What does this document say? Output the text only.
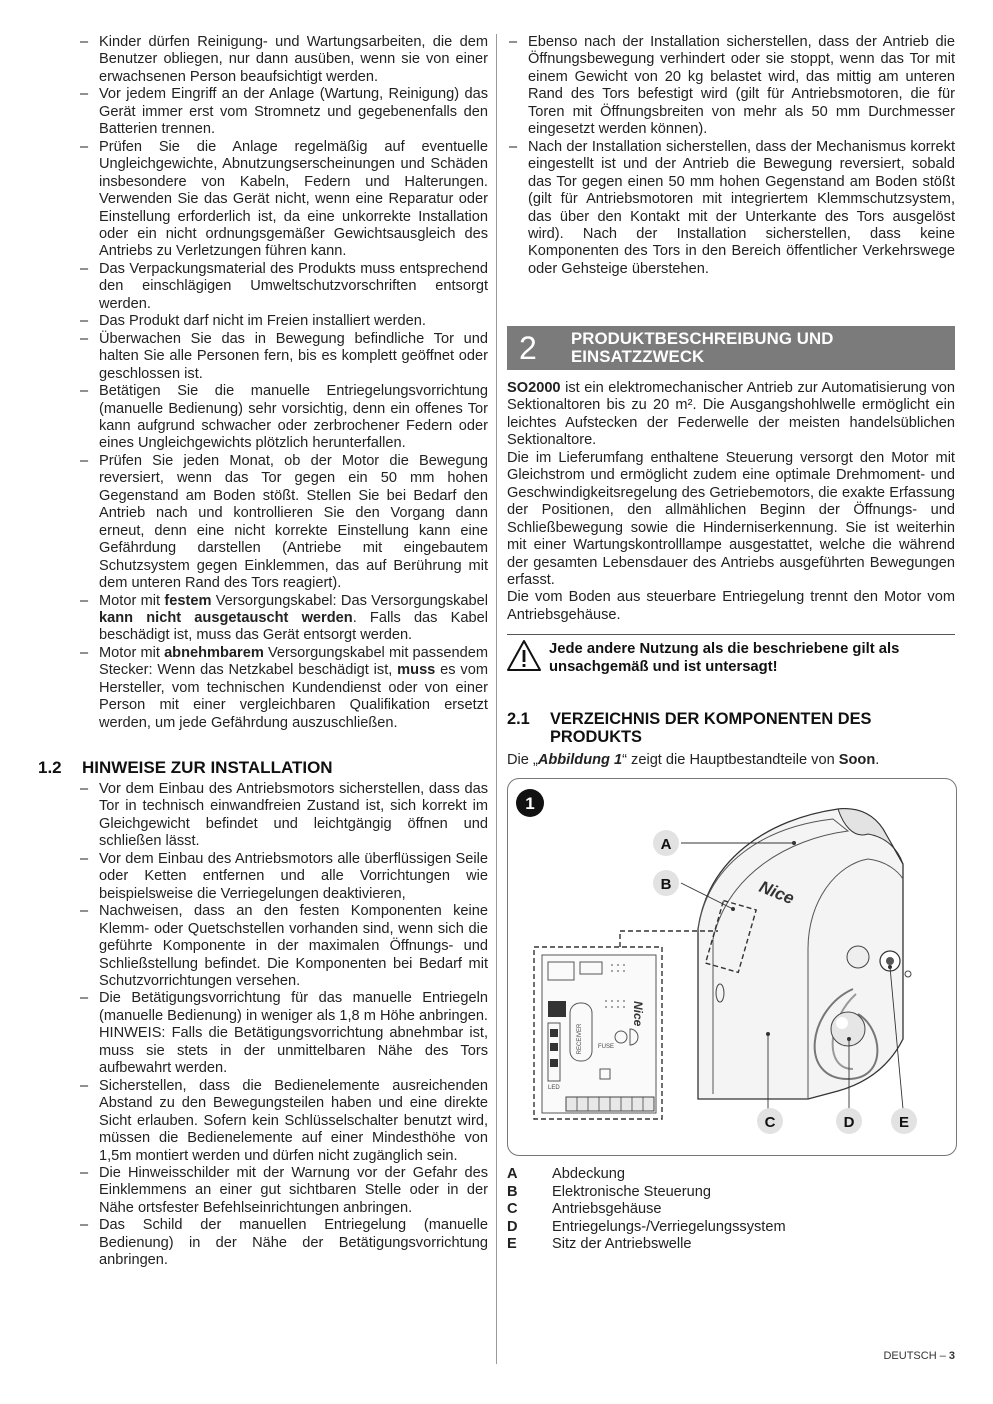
– Kinder dürfen Reinigung- und Wartungsarbeiten, die dem Benutzer obliegen, nur dann ausüben, wenn sie von einer erwachsenen Person beaufsichtigt werden.
– Vor jedem Eingriff an der Anlage (Wartung, Reinigung) das Gerät immer erst vom Stromnetz und gegebenenfalls den Batterien trennen.
– Prüfen Sie die Anlage regelmäßig auf eventuelle Ungleichgewichte, Abnutzungserscheinungen und Schäden insbesondere von Kabeln, Federn und Halterungen. Verwenden Sie das Gerät nicht, wenn eine Reparatur oder Einstellung erforderlich ist, da eine unkorrekte Installation oder ein nicht ordnungsgemäßer Gewichtsausgleich des Antriebs zu Verletzungen führen kann.
– Das Verpackungsmaterial des Produkts muss entsprechend den einschlägigen Umweltschutzvorschriften entsorgt werden.
– Das Produkt darf nicht im Freien installiert werden.
– Überwachen Sie das in Bewegung befindliche Tor und halten Sie alle Personen fern, bis es komplett geöffnet oder geschlossen ist.
– Betätigen Sie die manuelle Entriegelungsvorrichtung (manuelle Bedienung) sehr vorsichtig, denn ein offenes Tor kann aufgrund schwacher oder zerbrochener Federn oder eines Ungleichgewichts plötzlich herunterfallen.
– Prüfen Sie jeden Monat, ob der Motor die Bewegung reversiert, wenn das Tor gegen ein 50 mm hohen Gegenstand am Boden stößt. Stellen Sie bei Bedarf den Antrieb nach und kontrollieren Sie den Vorgang dann erneut, denn eine nicht korrekte Einstellung kann eine Gefährdung darstellen (Antriebe mit eingebautem Schutzsystem gegen Einklemmen, das auf Berührung mit dem unteren Rand des Tors reagiert).
– Motor mit festem Versorgungskabel: Das Versorgungskabel kann nicht ausgetauscht werden. Falls das Kabel beschädigt ist, muss das Gerät entsorgt werden.
– Motor mit abnehmbarem Versorgungskabel mit passendem Stecker: Wenn das Netzkabel beschädigt ist, muss es vom Hersteller, vom technischen Kundendienst oder von einer Person mit einer vergleichbaren Qualifikation ersetzt werden, um jede Gefährdung auszuschließen.
1.2 HINWEISE ZUR INSTALLATION
– Vor dem Einbau des Antriebsmotors sicherstellen, dass das Tor in technisch einwandfreien Zustand ist, sich korrekt im Gleichgewicht befindet und leichtgängig öffnen und schließen lässt.
– Vor dem Einbau des Antriebsmotors alle überflüssigen Seile oder Ketten entfernen und alle Vorrichtungen wie beispielsweise die Verriegelungen deaktivieren,
– Nachweisen, dass an den festen Komponenten keine Klemm- oder Quetschstellen vorhanden sind, wenn sich die geführte Komponente in der maximalen Öffnungs- und Schließstellung befindet. Die Komponenten bei Bedarf mit Schutzvorrichtungen versehen.
– Die Betätigungsvorrichtung für das manuelle Entriegeln (manuelle Bedienung) in weniger als 1,8 m Höhe anbringen. HINWEIS: Falls die Betätigungsvorrichtung abnehmbar ist, muss sie stets in der unmittelbaren Nähe des Tors aufbewahrt werden.
– Sicherstellen, dass die Bedienelemente ausreichenden Abstand zu den Bewegungsteilen haben und eine direkte Sicht erlauben. Sofern kein Schlüsselschalter benutzt wird, müssen die Bedienelemente auf einer Mindesthöhe von 1,5m montiert werden und dürfen nicht zugänglich sein.
– Die Hinweisschilder mit der Warnung vor der Gefahr des Einklemmens an einer gut sichtbaren Stelle oder in der Nähe ortsfester Befehlseinrichtungen anbringen.
– Das Schild der manuellen Entriegelung (manuelle Bedienung) in der Nähe der Betätigungsvorrichtung anbringen.
– Ebenso nach der Installation sicherstellen, dass der Antrieb die Öffnungsbewegung verhindert oder sie stoppt, wenn das Tor mit einem Gewicht von 20 kg belastet wird, das mittig am unteren Rand des Tors befestigt wird (gilt für Antriebsmotoren, die für Toren mit Öffnungsbreiten von mehr als 50 mm Durchmesser eingesetzt werden können).
– Nach der Installation sicherstellen, dass der Mechanismus korrekt eingestellt ist und der Antrieb die Bewegung reversiert, sobald das Tor gegen einen 50 mm hohen Gegenstand am Boden stößt (gilt für Antriebsmotoren mit integriertem Klemmschutzsystem, das über den Kontakt mit der Unterkante des Tors ausgelöst wird). Nach der Installation sicherstellen, dass keine Komponenten des Tors in den Bereich öffentlicher Verkehrswege oder Gehsteige überstehen.
2 PRODUKTBESCHREIBUNG UND EINSATZZWECK

SO2000 ist ein elektromechanischer Antrieb zur Automatisierung von Sektionaltoren bis zu 20 m². Die Ausgangshohlwelle ermöglicht ein leichtes Aufstecken der Federwelle der meisten handelsüblichen Sektionaltore.

Die im Lieferumfang enthaltene Steuerung versorgt den Motor mit Gleichstrom und ermöglicht zudem eine optimale Drehmoment- und Geschwindigkeitsregelung des Getriebemotors, die exakte Erfassung der Positionen, den allmählichen Beginn der Öffnungs- und Schließbewegung sowie die Hinderniserkennung. Sie ist weiterhin mit einer Wartungskontrolllampe ausgestattet, welche die während der gesamten Lebensdauer des Antriebs ausgeführten Bewegungen erfasst.

Die vom Boden aus steuerbare Entriegelung trennt den Motor vom Antriebsgehäuse.

Jede andere Nutzung als die beschriebene gilt als unsachgemäß und ist untersagt!
2.1 VERZEICHNIS DER KOMPONENTEN DES PRODUKTS
Die „Abbildung 1“ zeigt die Hauptbestandteile von Soon.
1
Nice
RECEIVER
Nice
FUSE
LED
A
B
C	D	E
A Abdeckung
B Elektronische Steuerung
C Antriebsgehäuse
D Entriegelungs-/Verriegelungssystem
E Sitz der Antriebswelle
DEUTSCH – 3
